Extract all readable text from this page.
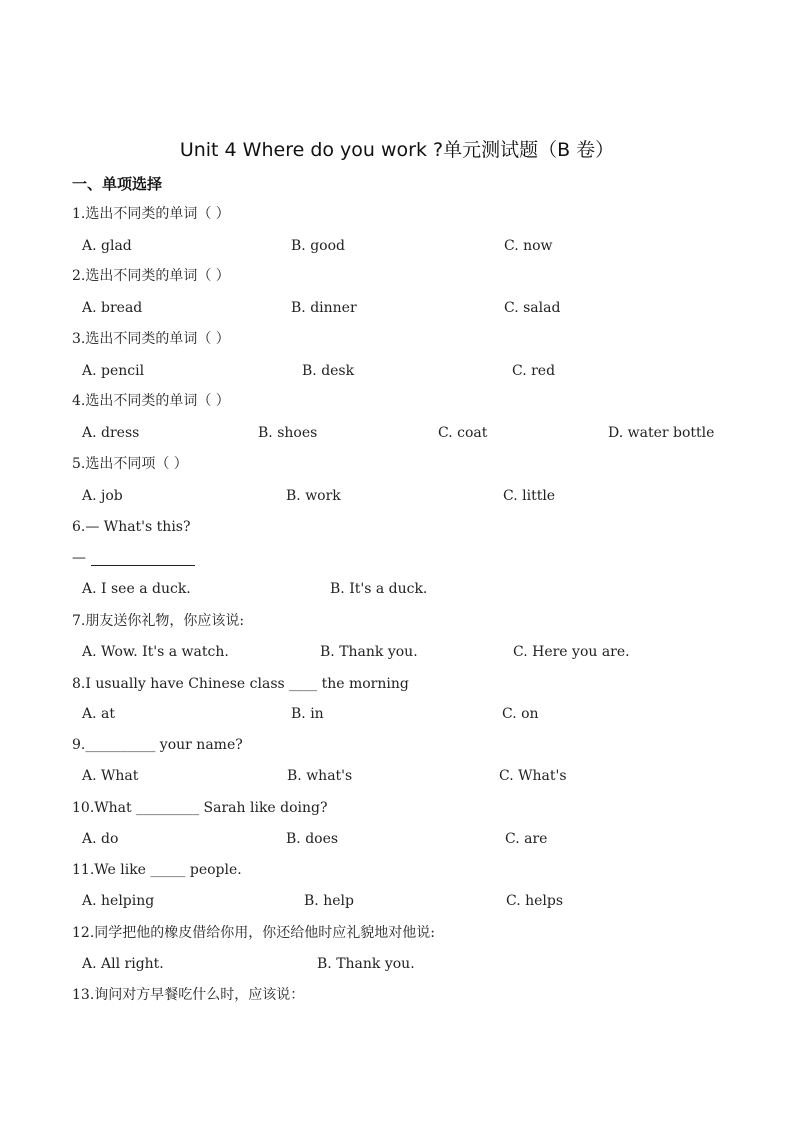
Unit 4 Where do you work ?单元测试题（B 卷）
一、单项选择
1.选出不同类的单词（ ）
A. glad	B. good	C. now
2.选出不同类的单词（ ）
A. bread	B. dinner	C. salad
3.选出不同类的单词（ ）
A. pencil	B. desk	C. red
4.选出不同类的单词（ ）
A. dress	B. shoes	C. coat	D. water bottle
5.选出不同项（ ）
A. job	B. work	C. little
6.— What's this?
—
A. I see a duck.	B. It's a duck.
7.朋友送你礼物，你应该说:
A. Wow. It's a watch.	B. Thank you.	C. Here you are.
8.I usually have Chinese class ____ the morning
A. at	B. in	C. on
9.__________ your name?
A. What	B. what's	C. What's
10.What _________ Sarah like doing?
A. do	B. does	C. are
11.We like _____ people.
A. helping	B. help	C. helps
12.同学把他的橡皮借给你用，你还给他时应礼貌地对他说:
A. All right.	B. Thank you.
13.询问对方早餐吃什么时，应该说：
